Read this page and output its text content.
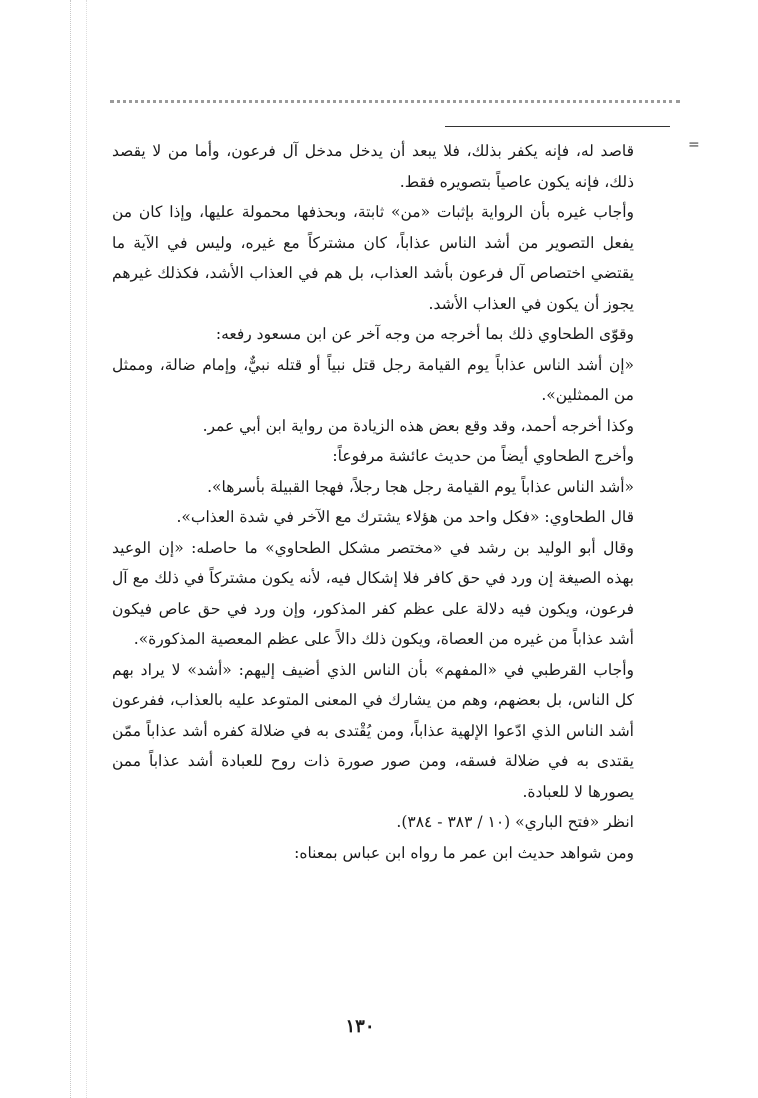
=

قاصد له، فإنه يكفر بذلك، فلا يبعد أن يدخل مدخل آل فرعون، وأما من لا يقصد ذلك، فإنه يكون عاصياً بتصويره فقط.

وأجاب غيره بأن الرواية بإثبات «من» ثابتة، وبحذفها محمولة عليها، وإذا كان من يفعل التصوير من أشد الناس عذاباً، كان مشتركاً مع غيره، وليس في الآية ما يقتضي اختصاص آل فرعون بأشد العذاب، بل هم في العذاب الأشد، فكذلك غيرهم يجوز أن يكون في العذاب الأشد.

وقوّى الطحاوي ذلك بما أخرجه من وجه آخر عن ابن مسعود رفعه:

«إن أشد الناس عذاباً يوم القيامة رجل قتل نبياً أو قتله نبيٌّ، وإمام ضالة، وممثل من الممثلين».

وكذا أخرجه أحمد، وقد وقع بعض هذه الزيادة من رواية ابن أبي عمر.

وأخرج الطحاوي أيضاً من حديث عائشة مرفوعاً:

«أشد الناس عذاباً يوم القيامة رجل هجا رجلاً، فهجا القبيلة بأسرها».

قال الطحاوي: «فكل واحد من هؤلاء يشترك مع الآخر في شدة العذاب».

وقال أبو الوليد بن رشد في «مختصر مشكل الطحاوي» ما حاصله: «إن الوعيد بهذه الصيغة إن ورد في حق كافر فلا إشكال فيه، لأنه يكون مشتركاً في ذلك مع آل فرعون، ويكون فيه دلالة على عظم كفر المذكور، وإن ورد في حق عاص فيكون أشد عذاباً من غيره من العصاة، ويكون ذلك دالاً على عظم المعصية المذكورة».

وأجاب القرطبي في «المفهم» بأن الناس الذي أضيف إليهم: «أشد» لا يراد بهم كل الناس، بل بعضهم، وهم من يشارك في المعنى المتوعد عليه بالعذاب، ففرعون أشد الناس الذي ادّعوا الإلهية عذاباً، ومن يُقْتدى به في ضلالة كفره أشد عذاباً ممّن يقتدى به في ضلالة فسقه، ومن صور صورة ذات روح للعبادة أشد عذاباً ممن يصورها لا للعبادة.

انظر «فتح الباري» (١٠ / ٣٨٣ - ٣٨٤).

ومن شواهد حديث ابن عمر ما رواه ابن عباس بمعناه:

١٣٠
